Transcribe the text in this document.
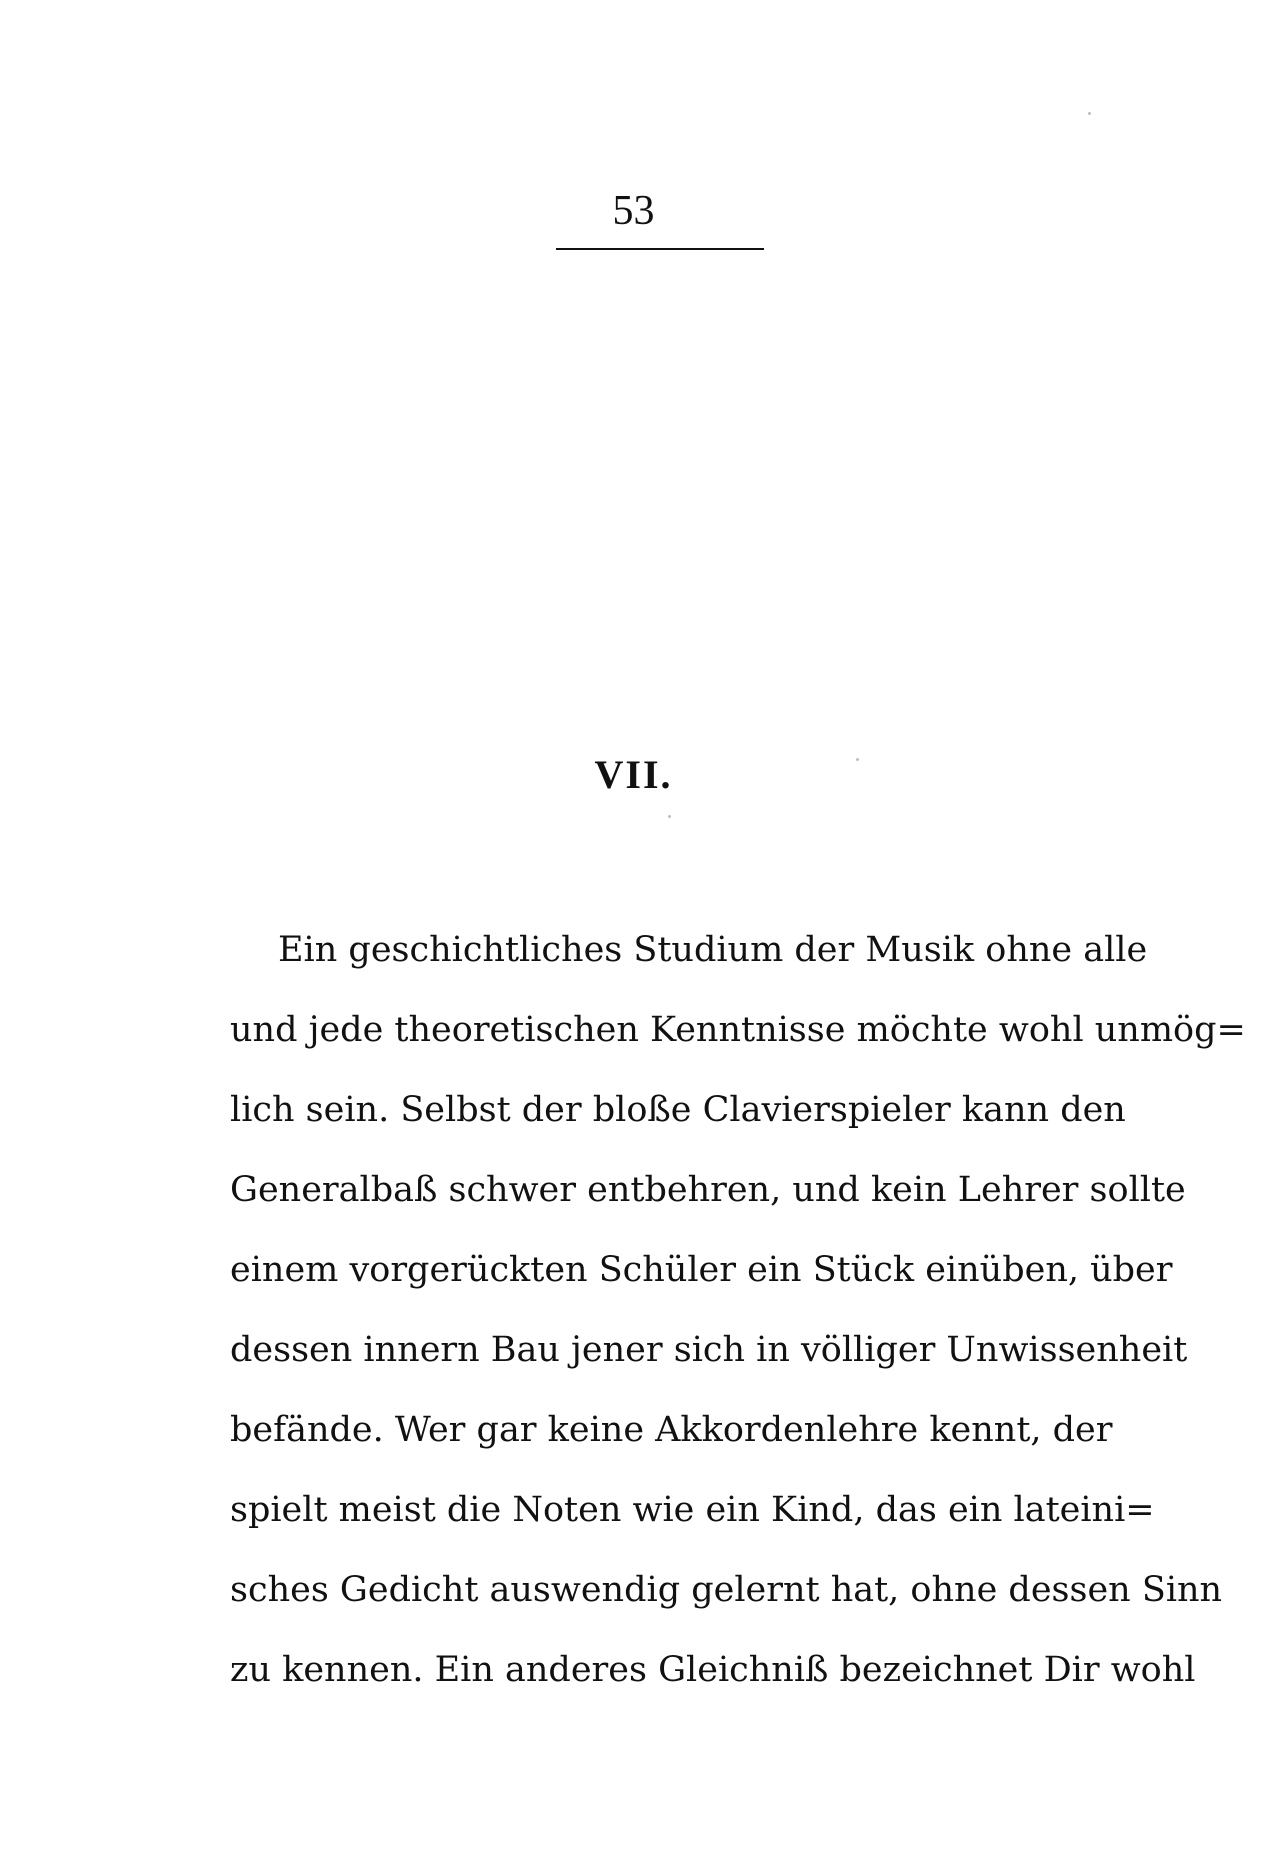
53
VII.
Ein geschichtliches Studium der Musik ohne alle
und jede theoretischen Kenntnisse möchte wohl unmög=
lich sein. Selbst der bloße Clavierspieler kann den
Generalbaß schwer entbehren, und kein Lehrer sollte
einem vorgerückten Schüler ein Stück einüben, über
dessen innern Bau jener sich in völliger Unwissenheit
befände. Wer gar keine Akkordenlehre kennt, der
spielt meist die Noten wie ein Kind, das ein lateini=
sches Gedicht auswendig gelernt hat, ohne dessen Sinn
zu kennen. Ein anderes Gleichniß bezeichnet Dir wohl
